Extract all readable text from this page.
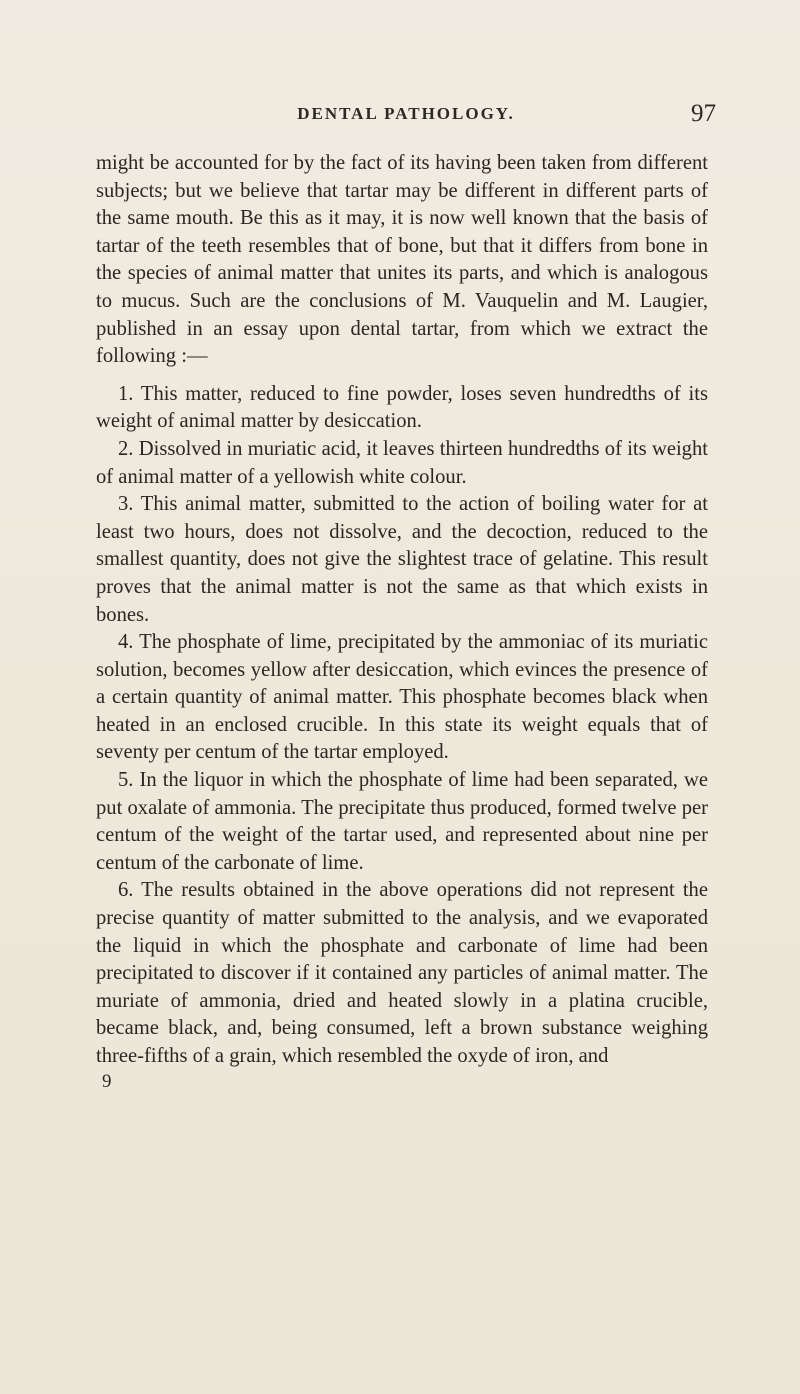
DENTAL PATHOLOGY.	97

might be accounted for by the fact of its having been taken from different subjects; but we believe that tartar may be different in different parts of the same mouth. Be this as it may, it is now well known that the basis of tartar of the teeth resembles that of bone, but that it differs from bone in the species of animal matter that unites its parts, and which is analogous to mucus. Such are the conclusions of M. Vauquelin and M. Laugier, published in an essay upon dental tartar, from which we extract the following :—

1. This matter, reduced to fine powder, loses seven hundredths of its weight of animal matter by desiccation.

2. Dissolved in muriatic acid, it leaves thirteen hundredths of its weight of animal matter of a yellowish white colour.

3. This animal matter, submitted to the action of boiling water for at least two hours, does not dissolve, and the decoction, reduced to the smallest quantity, does not give the slightest trace of gelatine. This result proves that the animal matter is not the same as that which exists in bones.

4. The phosphate of lime, precipitated by the ammoniac of its muriatic solution, becomes yellow after desiccation, which evinces the presence of a certain quantity of animal matter. This phosphate becomes black when heated in an enclosed crucible. In this state its weight equals that of seventy per centum of the tartar employed.

5. In the liquor in which the phosphate of lime had been separated, we put oxalate of ammonia. The precipitate thus produced, formed twelve per centum of the weight of the tartar used, and represented about nine per centum of the carbonate of lime.

6. The results obtained in the above operations did not represent the precise quantity of matter submitted to the analysis, and we evaporated the liquid in which the phosphate and carbonate of lime had been precipitated to discover if it contained any particles of animal matter. The muriate of ammonia, dried and heated slowly in a platina crucible, became black, and, being consumed, left a brown substance weighing three-fifths of a grain, which resembled the oxyde of iron, and

9
